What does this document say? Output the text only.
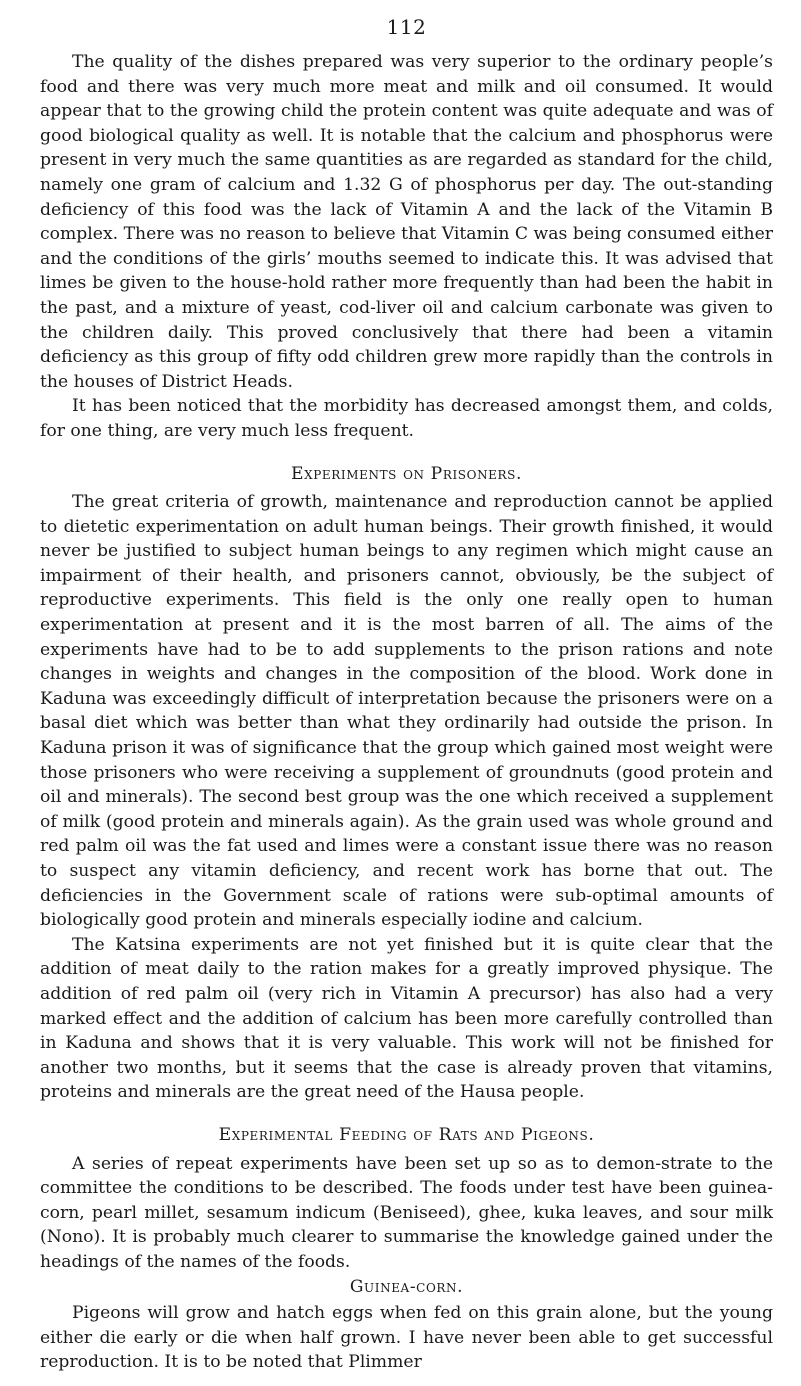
112

The quality of the dishes prepared was very superior to the ordinary people’s food and there was very much more meat and milk and oil consumed. It would appear that to the growing child the protein content was quite adequate and was of good biological quality as well. It is notable that the calcium and phosphorus were present in very much the same quantities as are regarded as standard for the child, namely one gram of calcium and 1.32 G of phosphorus per day. The out-standing deficiency of this food was the lack of Vitamin A and the lack of the Vitamin B complex. There was no reason to believe that Vitamin C was being consumed either and the conditions of the girls’ mouths seemed to indicate this. It was advised that limes be given to the house-hold rather more frequently than had been the habit in the past, and a mixture of yeast, cod-liver oil and calcium carbonate was given to the children daily. This proved conclusively that there had been a vitamin deficiency as this group of fifty odd children grew more rapidly than the controls in the houses of District Heads.

It has been noticed that the morbidity has decreased amongst them, and colds, for one thing, are very much less frequent.

Experiments on Prisoners.

The great criteria of growth, maintenance and reproduction cannot be applied to dietetic experimentation on adult human beings. Their growth finished, it would never be justified to subject human beings to any regimen which might cause an impairment of their health, and prisoners cannot, obviously, be the subject of reproductive experiments. This field is the only one really open to human experimentation at present and it is the most barren of all. The aims of the experiments have had to be to add supplements to the prison rations and note changes in weights and changes in the composition of the blood. Work done in Kaduna was exceedingly difficult of interpretation because the prisoners were on a basal diet which was better than what they ordinarily had outside the prison. In Kaduna prison it was of significance that the group which gained most weight were those prisoners who were receiving a supplement of groundnuts (good protein and oil and minerals). The second best group was the one which received a supplement of milk (good protein and minerals again). As the grain used was whole ground and red palm oil was the fat used and limes were a constant issue there was no reason to suspect any vitamin deficiency, and recent work has borne that out. The deficiencies in the Government scale of rations were sub-optimal amounts of biologically good protein and minerals especially iodine and calcium.

The Katsina experiments are not yet finished but it is quite clear that the addition of meat daily to the ration makes for a greatly improved physique. The addition of red palm oil (very rich in Vitamin A precursor) has also had a very marked effect and the addition of calcium has been more carefully controlled than in Kaduna and shows that it is very valuable. This work will not be finished for another two months, but it seems that the case is already proven that vitamins, proteins and minerals are the great need of the Hausa people.

Experimental Feeding of Rats and Pigeons.

A series of repeat experiments have been set up so as to demon-strate to the committee the conditions to be described. The foods under test have been guinea-corn, pearl millet, sesamum indicum (Beniseed), ghee, kuka leaves, and sour milk (Nono). It is probably much clearer to summarise the knowledge gained under the headings of the names of the foods.

Guinea-corn.

Pigeons will grow and hatch eggs when fed on this grain alone, but the young either die early or die when half grown. I have never been able to get successful reproduction. It is to be noted that Plimmer
